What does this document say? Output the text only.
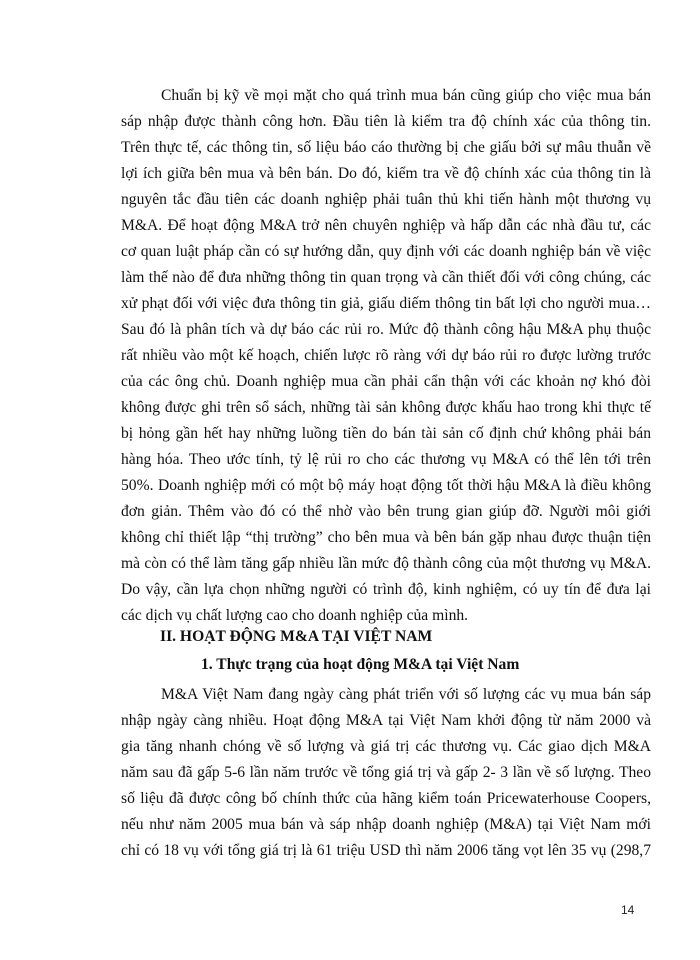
Chuẩn bị kỹ về mọi mặt cho quá trình mua bán cũng giúp cho việc mua bán
sáp nhập được thành công hơn. Đầu tiên là kiểm tra độ chính xác của thông tin.
Trên thực tế, các thông tin, số liệu báo cáo thường bị che giấu bởi sự mâu thuẫn về
lợi ích giữa bên mua và bên bán. Do đó, kiểm tra về độ chính xác của thông tin là
nguyên tắc đầu tiên các doanh nghiệp phải tuân thủ khi tiến hành một thương vụ
M&A. Để hoạt động M&A trở nên chuyên nghiệp và hấp dẫn các nhà đầu tư, các
cơ quan luật pháp cần có sự hướng dẫn, quy định với các doanh nghiệp bán về việc
làm thế nào để đưa những thông tin quan trọng và cần thiết đối với công chúng, các
xử phạt đối với việc đưa thông tin giả, giấu diếm thông tin bất lợi cho người mua…
Sau đó là phân tích và dự báo các rủi ro. Mức độ thành công hậu M&A phụ thuộc
rất nhiều vào một kế hoạch, chiến lược rõ ràng với dự báo rủi ro được lường trước
của các ông chủ. Doanh nghiệp mua cần phải cẩn thận với các khoản nợ khó đòi
không được ghi trên sổ sách, những tài sản không được khấu hao trong khi thực tế
bị hỏng gần hết hay những luồng tiền do bán tài sản cố định chứ không phải bán
hàng hóa. Theo ước tính, tỷ lệ rủi ro cho các thương vụ M&A có thể lên tới trên
50%. Doanh nghiệp mới có một bộ máy hoạt động tốt thời hậu M&A là điều không
đơn giản. Thêm vào đó có thể nhờ vào bên trung gian giúp đỡ. Người môi giới
không chỉ thiết lập “thị trường” cho bên mua và bên bán gặp nhau được thuận tiện
mà còn có thể làm tăng gấp nhiều lần mức độ thành công của một thương vụ M&A.
Do vậy, cần lựa chọn những người có trình độ, kinh nghiệm, có uy tín để đưa lại
các dịch vụ chất lượng cao cho doanh nghiệp của mình.
II. HOẠT ĐỘNG M&A TẠI VIỆT NAM
1. Thực trạng của hoạt động M&A tại Việt Nam
M&A Việt Nam đang ngày càng phát triển với số lượng các vụ mua bán sáp
nhập ngày càng nhiều. Hoạt động M&A tại Việt Nam khởi động từ năm 2000 và
gia tăng nhanh chóng về số lượng và giá trị các thương vụ. Các giao dịch M&A
năm sau đã gấp 5-6 lần năm trước về tổng giá trị và gấp 2- 3 lần về số lượng. Theo
số liệu đã được công bố chính thức của hãng kiểm toán Pricewaterhouse Coopers,
nếu như năm 2005 mua bán và sáp nhập doanh nghiệp (M&A) tại Việt Nam mới
chỉ có 18 vụ với tổng giá trị là 61 triệu USD thì năm 2006 tăng vọt lên 35 vụ (298,7
14
